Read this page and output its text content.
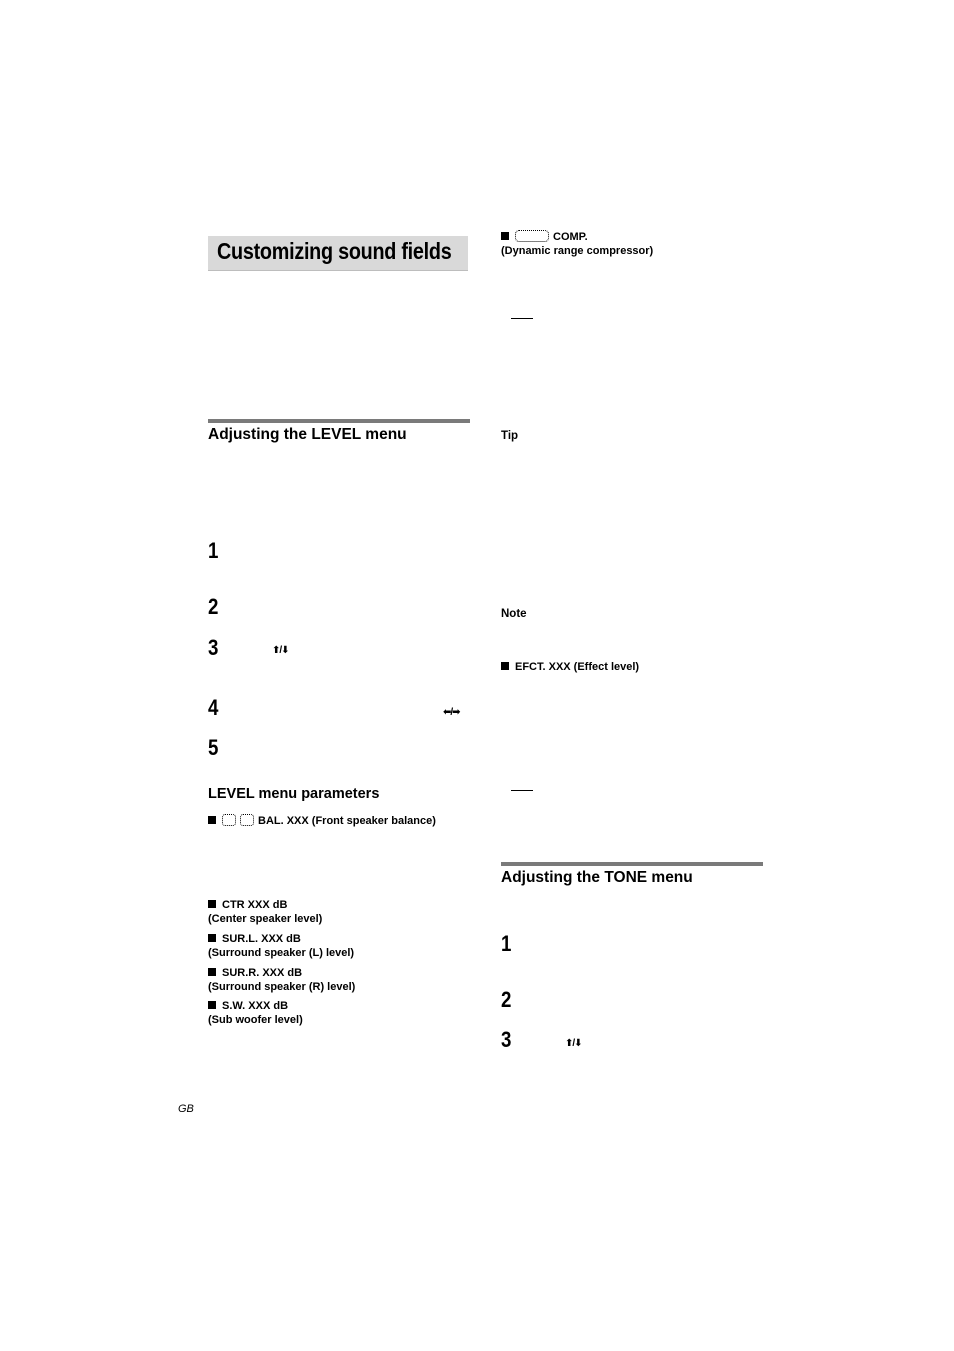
Customizing sound fields
Adjusting the LEVEL menu
1
2
3	⬆/⬇
4	⬅/➡
5
LEVEL menu parameters
BAL. XXX (Front speaker balance)
CTR XXX dB
(Center speaker level)
SUR.L. XXX dB
(Surround speaker (L) level)
SUR.R. XXX dB
(Surround speaker (R) level)
S.W. XXX dB
(Sub woofer level)
COMP.
(Dynamic range compressor)
Tip
Note
EFCT. XXX (Effect level)
Adjusting the TONE menu
1
2
3	⬆/⬇
GB
